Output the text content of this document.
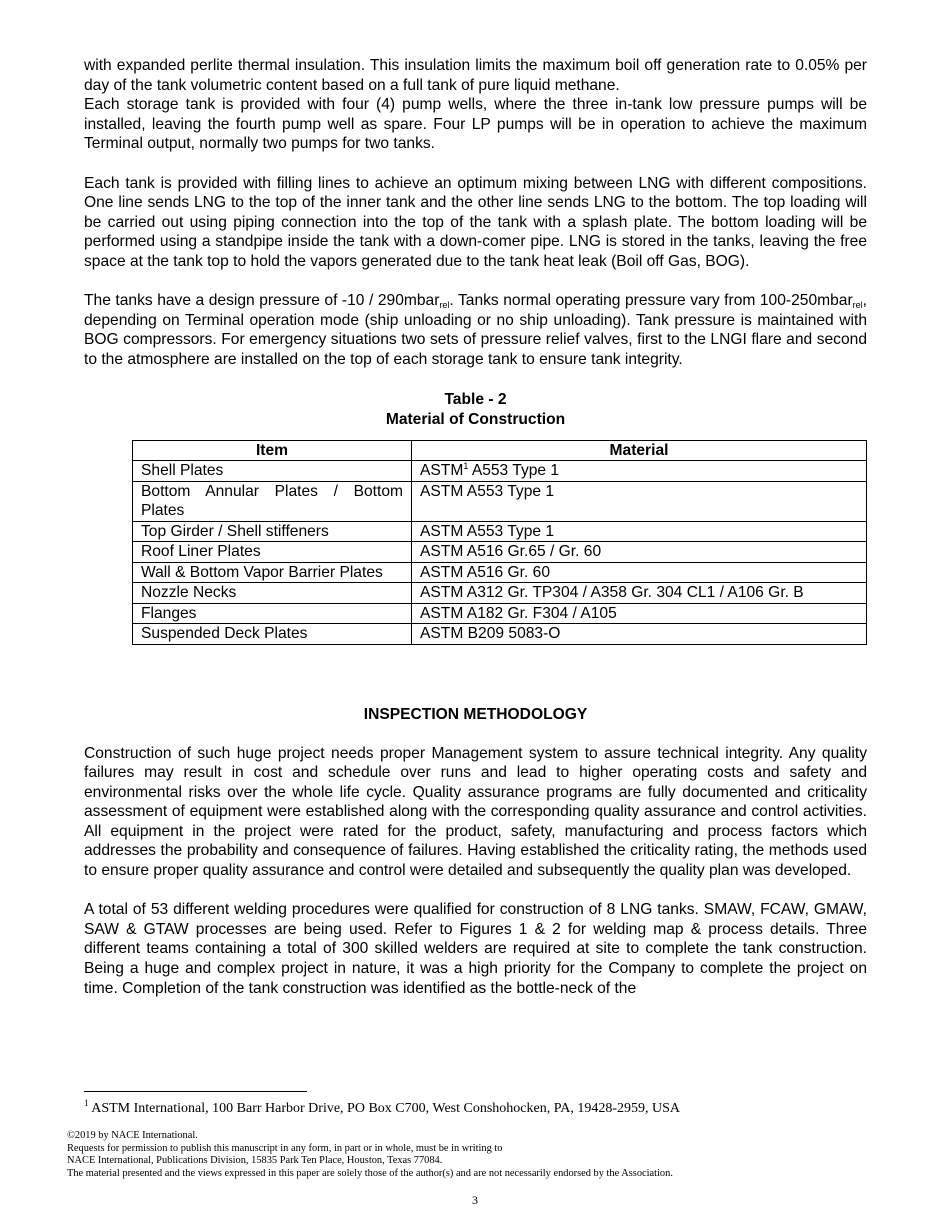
with expanded perlite thermal insulation. This insulation limits the maximum boil off generation rate to 0.05% per day of the tank volumetric content based on a full tank of pure liquid methane.

Each storage tank is provided with four (4) pump wells, where the three in-tank low pressure pumps will be installed, leaving the fourth pump well as spare. Four LP pumps will be in operation to achieve the maximum Terminal output, normally two pumps for two tanks.

Each tank is provided with filling lines to achieve an optimum mixing between LNG with different compositions. One line sends LNG to the top of the inner tank and the other line sends LNG to the bottom. The top loading will be carried out using piping connection into the top of the tank with a splash plate. The bottom loading will be performed using a standpipe inside the tank with a down-comer pipe. LNG is stored in the tanks, leaving the free space at the tank top to hold the vapors generated due to the tank heat leak (Boil off Gas, BOG).

The tanks have a design pressure of -10 / 290mbar$_{rel}$. Tanks normal operating pressure vary from 100-250mbar$_{rel}$, depending on Terminal operation mode (ship unloading or no ship unloading). Tank pressure is maintained with BOG compressors. For emergency situations two sets of pressure relief valves, first to the LNGI flare and second to the atmosphere are installed on the top of each storage tank to ensure tank integrity.

Table - 2
Material of Construction
Item	Material
Shell Plates	ASTM$^1$ A553 Type 1
Bottom Annular Plates / Bottom Plates	ASTM A553 Type 1
Top Girder / Shell stiffeners	ASTM A553 Type 1
Roof Liner Plates	ASTM A516 Gr.65 / Gr. 60
Wall & Bottom Vapor Barrier Plates	ASTM A516 Gr. 60
Nozzle Necks	ASTM A312 Gr. TP304 / A358 Gr. 304 CL1 / A106 Gr. B
Flanges	ASTM A182 Gr. F304 / A105
Suspended Deck Plates	ASTM B209 5083-O
INSPECTION METHODOLOGY

Construction of such huge project needs proper Management system to assure technical integrity. Any quality failures may result in cost and schedule over runs and lead to higher operating costs and safety and environmental risks over the whole life cycle. Quality assurance programs are fully documented and criticality assessment of equipment were established along with the corresponding quality assurance and control activities. All equipment in the project were rated for the product, safety, manufacturing and process factors which addresses the probability and consequence of failures. Having established the criticality rating, the methods used to ensure proper quality assurance and control were detailed and subsequently the quality plan was developed.

A total of 53 different welding procedures were qualified for construction of 8 LNG tanks. SMAW, FCAW, GMAW, SAW & GTAW processes are being used. Refer to Figures 1 & 2 for welding map & process details. Three different teams containing a total of 300 skilled welders are required at site to complete the tank construction. Being a huge and complex project in nature, it was a high priority for the Company to complete the project on time. Completion of the tank construction was identified as the bottle-neck of the

$^1$ ASTM International, 100 Barr Harbor Drive, PO Box C700, West Conshohocken, PA, 19428-2959, USA
©2019 by NACE International.
Requests for permission to publish this manuscript in any form, in part or in whole, must be in writing to
NACE International, Publications Division, 15835 Park Ten Place, Houston, Texas 77084.
The material presented and the views expressed in this paper are solely those of the author(s) and are not necessarily endorsed by the Association.
3
